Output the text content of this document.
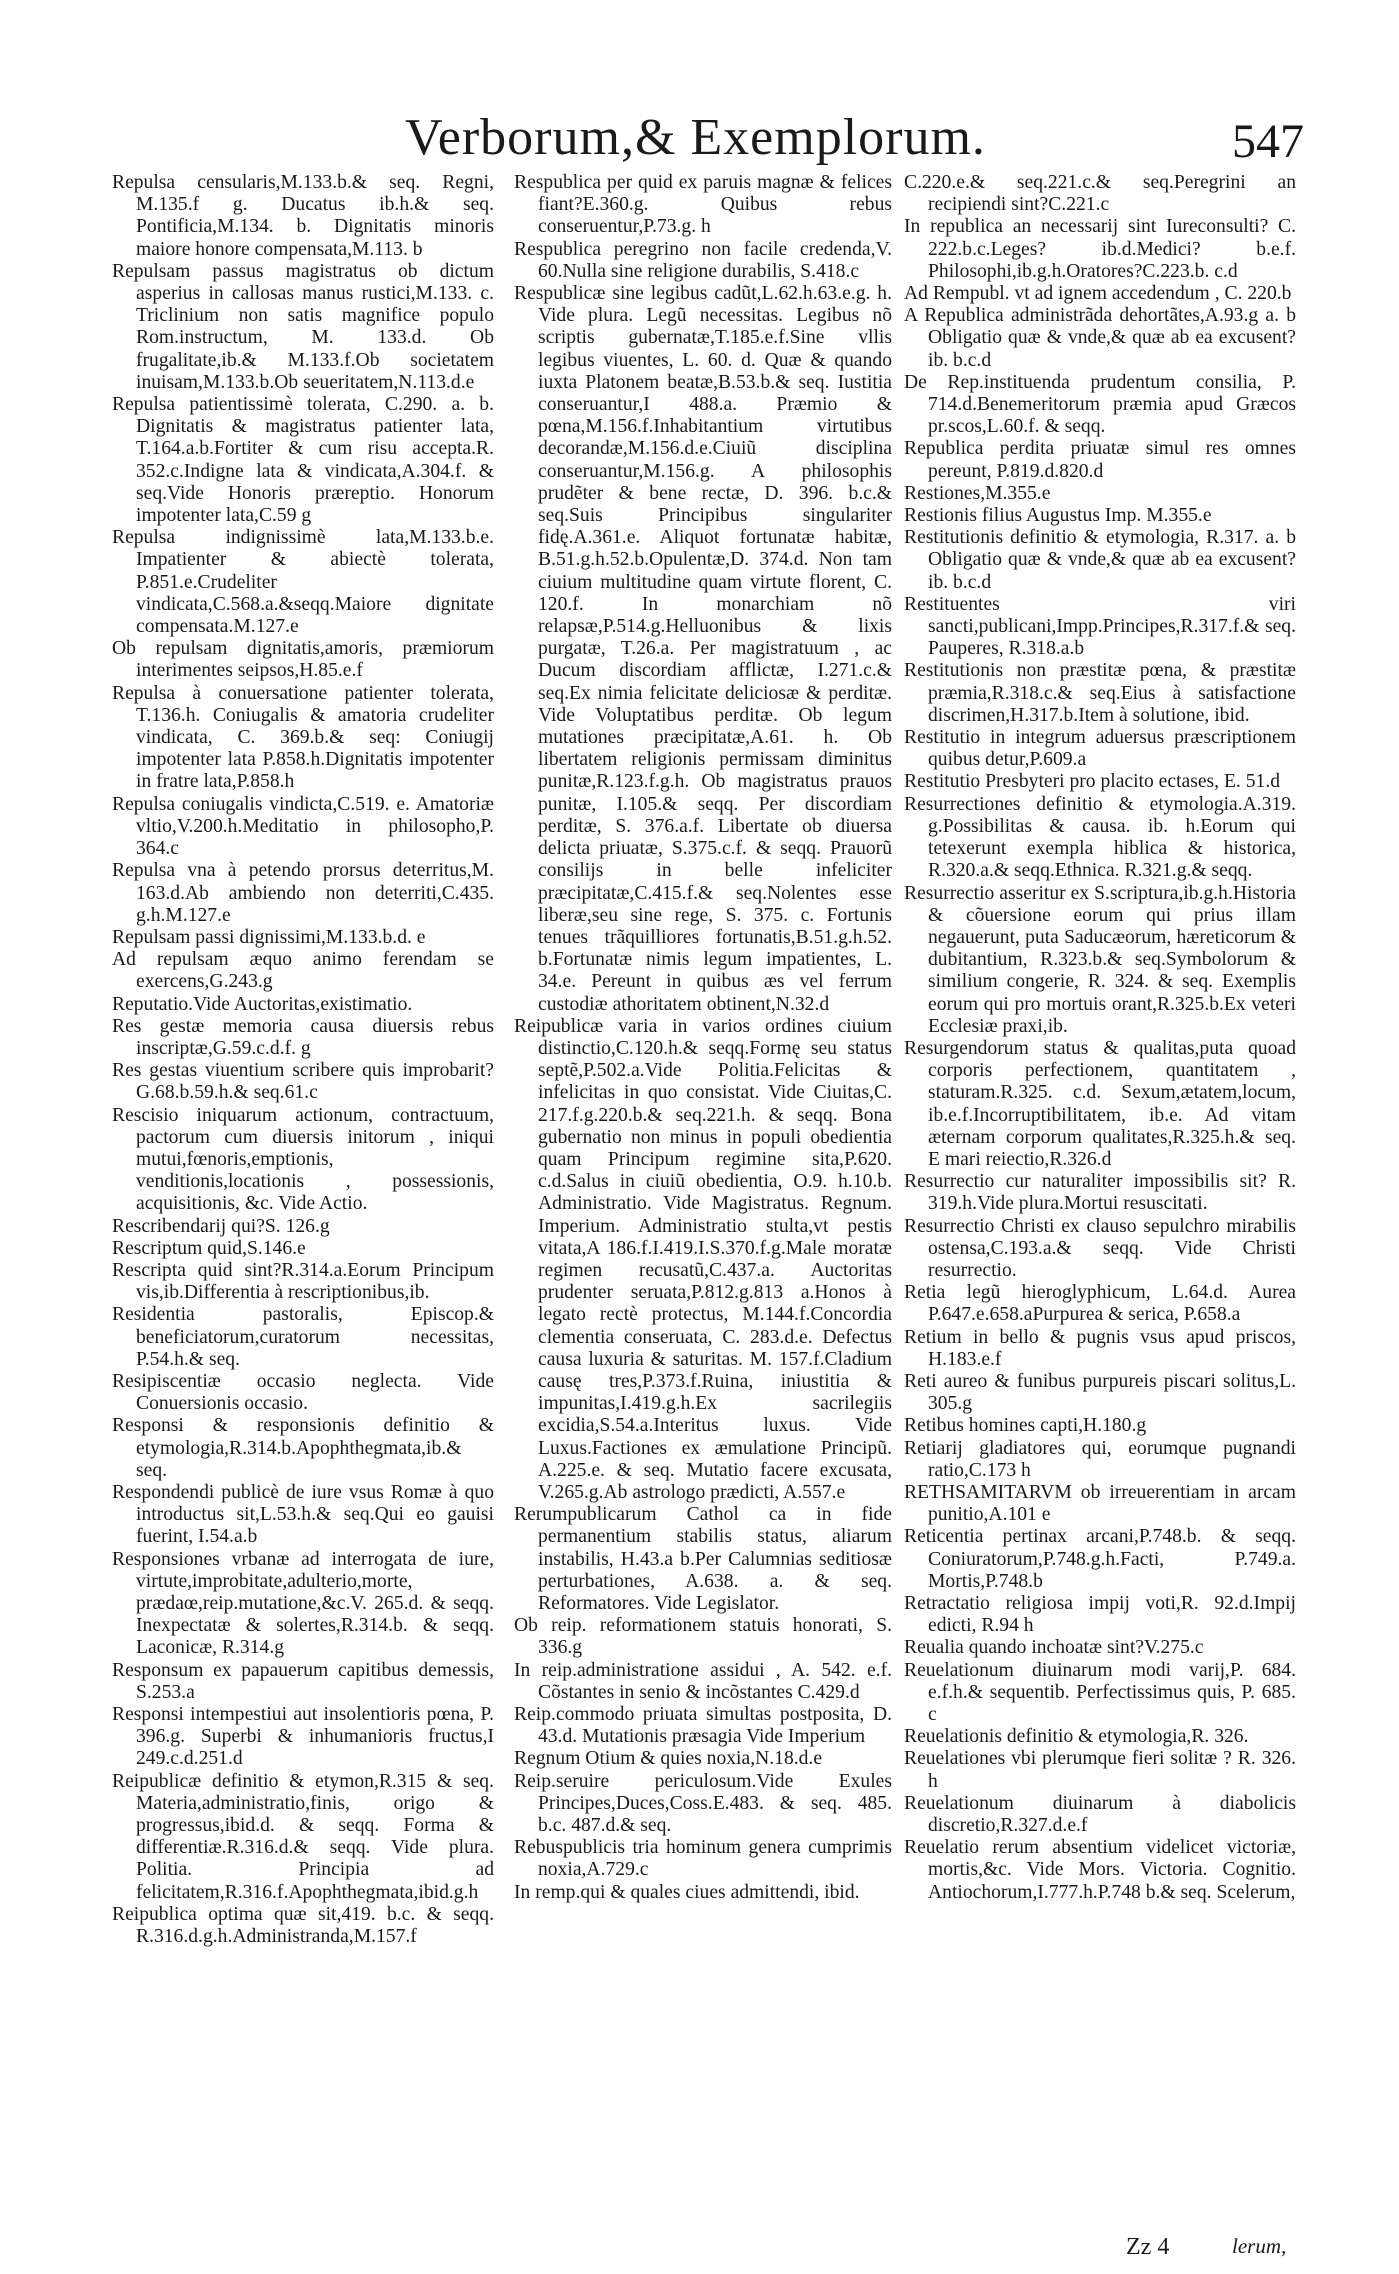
Verborum,& Exemplorum.	547
Repulsa censularis,M.133.b.& seq. Regni, M.135.f g. Ducatus ib.h.& seq. Pontificia,M.134. b. Dignitatis minoris maiore honore compensata,M.113. b
Repulsam passus magistratus ob dictum asperius in callosas manus rustici,M.133. c. Triclinium non satis magnifice populo Rom.instructum, M. 133.d. Ob frugalitate,ib.& M.133.f.Ob societatem inuisam,M.133.b.Ob seueritatem,N.113.d.e
Repulsa patientissimè tolerata, C.290. a. b. Dignitatis & magistratus patienter lata, T.164.a.b.Fortiter & cum risu accepta.R. 352.c.Indigne lata & vindicata,A.304.f. & seq.Vide Honoris præreptio. Honorum impotenter lata,C.59 g
Repulsa indignissimè lata,M.133.b.e. Impatienter & abiectè tolerata, P.851.e.Crudeliter vindicata,C.568.a.&seqq.Maiore dignitate compensata.M.127.e
Ob repulsam dignitatis,amoris, præmiorum interimentes seipsos,H.85.e.f
Repulsa à conuersatione patienter tolerata, T.136.h. Coniugalis & amatoria crudeliter vindicata, C. 369.b.& seq: Coniugij impotenter lata P.858.h.Dignitatis impotenter in fratre lata,P.858.h
Repulsa coniugalis vindicta,C.519. e. Amatoriæ vltio,V.200.h.Meditatio in philosopho,P. 364.c
Repulsa vna à petendo prorsus deterritus,M. 163.d.Ab ambiendo non deterriti,C.435. g.h.M.127.e
Repulsam passi dignissimi,M.133.b.d. e
Ad repulsam æquo animo ferendam se exercens,G.243.g
Reputatio.Vide Auctoritas,existimatio.
Res gestæ memoria causa diuersis rebus inscriptæ,G.59.c.d.f. g
Res gestas viuentium scribere quis improbarit?G.68.b.59.h.& seq.61.c
Rescisio iniquarum actionum, contractuum, pactorum cum diuersis initorum , iniqui mutui,fœnoris,emptionis, venditionis,locationis , possessionis, acquisitionis, &c. Vide Actio.
Rescribendarij qui?S. 126.g
Rescriptum quid,S.146.e
Rescripta quid sint?R.314.a.Eorum Principum vis,ib.Differentia à rescriptionibus,ib.
Residentia pastoralis, Episcop.& beneficiatorum,curatorum necessitas, P.54.h.& seq.
Resipiscentiæ occasio neglecta. Vide Conuersionis occasio.
Responsi & responsionis definitio & etymologia,R.314.b.Apophthegmata,ib.& seq.
Respondendi publicè de iure vsus Romæ à quo introductus sit,L.53.h.& seq.Qui eo gauisi fuerint, I.54.a.b
Responsiones vrbanæ ad interrogata de iure, virtute,improbitate,adulterio,morte, prædaœ,reip.mutatione,&c.V. 265.d. & seqq. Inexpectatæ & solertes,R.314.b. & seqq. Laconicæ, R.314.g
Responsum ex papauerum capitibus demessis, S.253.a
Responsi intempestiui aut insolentioris pœna, P. 396.g. Superbi & inhumanioris fructus,I 249.c.d.251.d
Reipublicæ definitio & etymon,R.315 & seq. Materia,administratio,finis, origo & progressus,ibid.d. & seqq. Forma & differentiæ.R.316.d.& seqq. Vide plura. Politia. Principia ad felicitatem,R.316.f.Apophthegmata,ibid.g.h
Reipublica optima quæ sit,419. b.c. & seqq. R.316.d.g.h.Administranda,M.157.f
Respublica per quid ex paruis magnæ & felices fiant?E.360.g. Quibus rebus conseruentur,P.73.g. h
Respublica peregrino non facile credenda,V. 60.Nulla sine religione durabilis, S.418.c
Respublicæ sine legibus cadũt,L.62.h.63.e.g. h. Vide plura. Legũ necessitas. Legibus nõ scriptis gubernatæ,T.185.e.f.Sine vllis legibus viuentes, L. 60. d. Quæ & quando iuxta Platonem beatæ,B.53.b.& seq. Iustitia conseruantur,I 488.a. Præmio & pœna,M.156.f.Inhabitantium virtutibus decorandæ,M.156.d.e.Ciuiũ disciplina conseruantur,M.156.g. A philosophis prudẽter & bene rectæ, D. 396. b.c.& seq.Suis Principibus singulariter fidę.A.361.e. Aliquot fortunatæ habitæ, B.51.g.h.52.b.Opulentæ,D. 374.d. Non tam ciuium multitudine quam virtute florent, C. 120.f. In monarchiam nõ relapsæ,P.514.g.Helluonibus & lixis purgatæ, T.26.a. Per magistratuum , ac Ducum discordiam afflictæ, I.271.c.& seq.Ex nimia felicitate deliciosæ & perditæ. Vide Voluptatibus perditæ. Ob legum mutationes præcipitatæ,A.61. h. Ob libertatem religionis permissam diminitus punitæ,R.123.f.g.h. Ob magistratus prauos punitæ, I.105.& seqq. Per discordiam perditæ, S. 376.a.f. Libertate ob diuersa delicta priuatæ, S.375.c.f. & seqq. Prauorũ consilijs in belle infeliciter præcipitatæ,C.415.f.& seq.Nolentes esse liberæ,seu sine rege, S. 375. c. Fortunis tenues trãquilliores fortunatis,B.51.g.h.52. b.Fortunatæ nimis legum impatientes, L. 34.e. Pereunt in quibus æs vel ferrum custodiæ athoritatem obtinent,N.32.d
Reipublicæ varia in varios ordines ciuium distinctio,C.120.h.& seqq.Formę seu status septẽ,P.502.a.Vide Politia.Felicitas & infelicitas in quo consistat. Vide Ciuitas,C. 217.f.g.220.b.& seq.221.h. & seqq. Bona gubernatio non minus in populi obedientia quam Principum regimine sita,P.620. c.d.Salus in ciuiũ obedientia, O.9. h.10.b. Administratio. Vide Magistratus. Regnum. Imperium. Administratio stulta,vt pestis vitata,A 186.f.I.419.I.S.370.f.g.Male moratæ regimen recusatũ,C.437.a. Auctoritas prudenter seruata,P.812.g.813 a.Honos à legato rectè protectus, M.144.f.Concordia clementia conseruata, C. 283.d.e. Defectus causa luxuria & saturitas. M. 157.f.Cladium causę tres,P.373.f.Ruina, iniustitia & impunitas,I.419.g.h.Ex sacrilegiis excidia,S.54.a.Interitus luxus. Vide Luxus.Factiones ex æmulatione Principũ. A.225.e. & seq. Mutatio facere excusata, V.265.g.Ab astrologo prædicti, A.557.e
Rerumpublicarum Cathol ca in fide permanentium stabilis status, aliarum instabilis, H.43.a b.Per Calumnias seditiosæ perturbationes, A.638. a. & seq. Reformatores. Vide Legislator.
Ob reip. reformationem statuis honorati, S. 336.g
In reip.administratione assidui , A. 542. e.f. Cõstantes in senio & incõstantes C.429.d
Reip.commodo priuata simultas postposita, D. 43.d. Mutationis præsagia Vide Imperium
Regnum Otium & quies noxia,N.18.d.e
Reip.seruire periculosum.Vide Exules Principes,Duces,Coss.E.483. & seq. 485. b.c. 487.d.& seq.
Rebuspublicis tria hominum genera cumprimis noxia,A.729.c
In remp.qui & quales ciues admittendi, ibid.
C.220.e.& seq.221.c.& seq.Peregrini an recipiendi sint?C.221.c
In republica an necessarij sint Iureconsulti? C. 222.b.c.Leges? ib.d.Medici? b.e.f. Philosophi,ib.g.h.Oratores?C.223.b. c.d
Ad Rempubl. vt ad ignem accedendum , C. 220.b
A Republica administrãda dehortãtes,A.93.g a. b Obligatio quæ & vnde,& quæ ab ea excusent?ib. b.c.d
De Rep.instituenda prudentum consilia, P. 714.d.Benemeritorum præmia apud Græcos pr.scos,L.60.f. & seqq.
Republica perdita priuatæ simul res omnes pereunt, P.819.d.820.d
Restiones,M.355.e
Restionis filius Augustus Imp. M.355.e
Restitutionis definitio & etymologia, R.317. a. b Obligatio quæ & vnde,& quæ ab ea excusent?ib. b.c.d
Restituentes viri sancti,publicani,Impp.Principes,R.317.f.& seq. Pauperes, R.318.a.b
Restitutionis non præstitæ pœna, & præstitæ præmia,R.318.c.& seq.Eius à satisfactione discrimen,H.317.b.Item à solutione, ibid.
Restitutio in integrum aduersus præscriptionem quibus detur,P.609.a
Restitutio Presbyteri pro placito ectases, E. 51.d
Resurrectiones definitio & etymologia.A.319. g.Possibilitas & causa. ib. h.Eorum qui tetexerunt exempla hiblica & historica, R.320.a.& seqq.Ethnica. R.321.g.& seqq.
Resurrectio asseritur ex S.scriptura,ib.g.h.Historia & cõuersione eorum qui prius illam negauerunt, puta Saducæorum, hæreticorum & dubitantium, R.323.b.& seq.Symbolorum & similium congerie, R. 324. & seq. Exemplis eorum qui pro mortuis orant,R.325.b.Ex veteri Ecclesiæ praxi,ib.
Resurgendorum status & qualitas,puta quoad corporis perfectionem, quantitatem , staturam.R.325. c.d. Sexum,ætatem,locum, ib.e.f.Incorruptibilitatem, ib.e. Ad vitam æternam corporum qualitates,R.325.h.& seq. E mari reiectio,R.326.d
Resurrectio cur naturaliter impossibilis sit? R. 319.h.Vide plura.Mortui resuscitati.
Resurrectio Christi ex clauso sepulchro mirabilis ostensa,C.193.a.& seqq. Vide Christi resurrectio.
Retia legũ hieroglyphicum, L.64.d. Aurea P.647.e.658.aPurpurea & serica, P.658.a
Retium in bello & pugnis vsus apud priscos, H.183.e.f
Reti aureo & funibus purpureis piscari solitus,L. 305.g
Retibus homines capti,H.180.g
Retiarij gladiatores qui, eorumque pugnandi ratio,C.173 h
RETHSAMITARVM ob irreuerentiam in arcam punitio,A.101 e
Reticentia pertinax arcani,P.748.b. & seqq. Coniuratorum,P.748.g.h.Facti, P.749.a. Mortis,P.748.b
Retractatio religiosa impij voti,R. 92.d.Impij edicti, R.94 h
Reualia quando inchoatæ sint?V.275.c
Reuelationum diuinarum modi varij,P. 684. e.f.h.& sequentib. Perfectissimus quis, P. 685. c
Reuelationis definitio & etymologia,R. 326.
Reuelationes vbi plerumque fieri solitæ ? R. 326. h
Reuelationum diuinarum à diabolicis discretio,R.327.d.e.f
Reuelatio rerum absentium videlicet victoriæ, mortis,&c. Vide Mors. Victoria. Cognitio. Antiochorum,I.777.h.P.748 b.& seq. Scelerum,
Zz 4	lerum,
